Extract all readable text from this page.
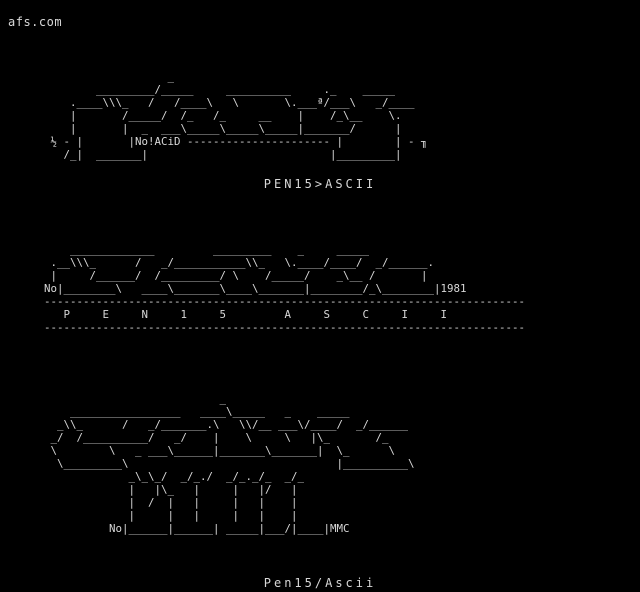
afs.com
_
_________/_____     __________     ._    _____
.____\\\_   /   /____\   \       \.___ª/___\   _/____
|       /_____/  /_   /_     __    |    /_\__    \.
|       |  _  ___\_____\_____\_____|_______/      |
½ - |       |No!ACiD ---------------------- |        | - ╖
/_|  _______|                            |_________|
PEN15>ASCII
_____________         _________    _     _____
.__\\\_      /   _/___________\\_   \.____/____/  _/______.
|     /______/  /_________/ \    /_____/    _\__ /       |
No|________\   ____\_______\____\_______|________/_\________|1981
--------------------------------------------------------------------------
P     E     N     1     5         A     S     C     I     I
--------------------------------------------------------------------------
_
_________________   ____\_____   _    _____
_\\_      /   _/_______.\   \\/__ ___\/____/  _/______
_/  /__________/   _/    |    \     \   |\_       /_
\        \   _ ___\______|_______\_______|  \_      \
\_________\                                |__________\
_\_\_/  _/_./  _/_._/_  _/_
|   |\_   |     |   |/   |
|  /  |   |     |   |    |
|     |   |     |   |    |
No|______|______| _____|___/|____|MMC
Pen15/Ascii
